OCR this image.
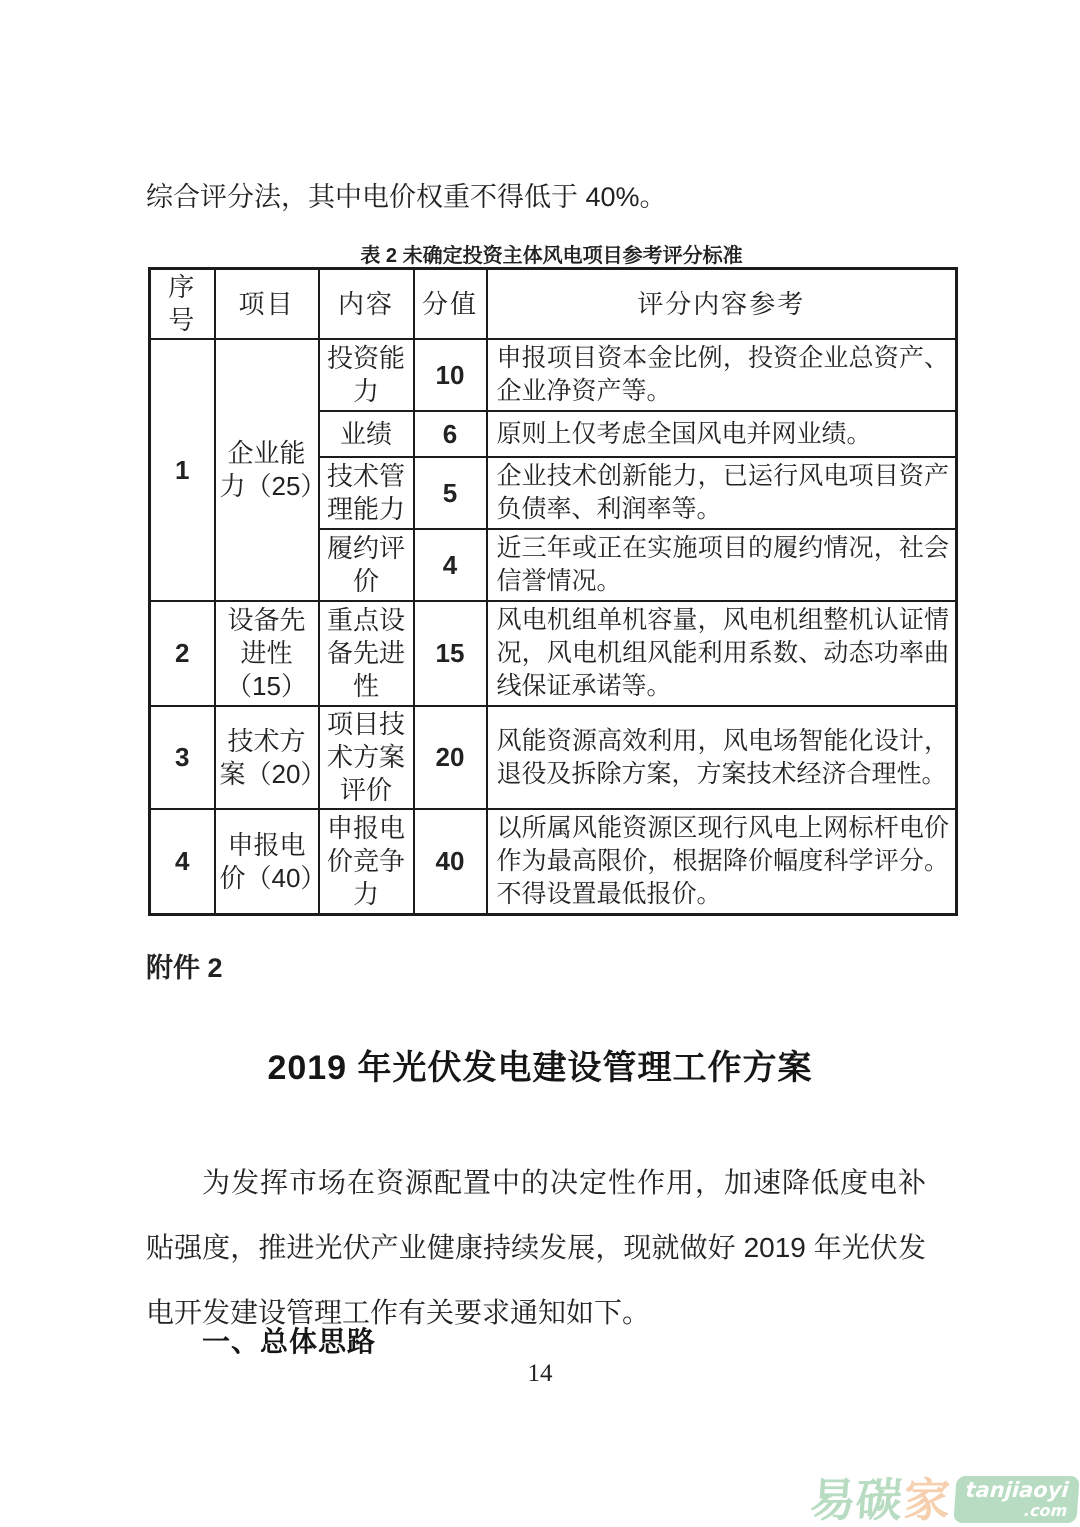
综合评分法，其中电价权重不得低于 40%。
表 2 未确定投资主体风电项目参考评分标准
序号	项目	内容	分值	评分内容参考
1	企业能力（25）	投资能力	10	申报项目资本金比例，投资企业总资产、企业净资产等。
		业绩	6	原则上仅考虑全国风电并网业绩。
		技术管理能力	5	企业技术创新能力，已运行风电项目资产负债率、利润率等。
		履约评价	4	近三年或正在实施项目的履约情况，社会信誉情况。
2	设备先进性（15）	重点设备先进性	15	风电机组单机容量，风电机组整机认证情况，风电机组风能利用系数、动态功率曲线保证承诺等。
3	技术方案（20）	项目技术方案评价	20	风能资源高效利用，风电场智能化设计，退役及拆除方案，方案技术经济合理性。
4	申报电价（40）	申报电价竞争力	40	以所属风能资源区现行风电上网标杆电价作为最高限价，根据降价幅度科学评分。不得设置最低报价。
附件 2
2019 年光伏发电建设管理工作方案
为发挥市场在资源配置中的决定性作用，加速降低度电补贴强度，推进光伏产业健康持续发展，现就做好 2019 年光伏发电开发建设管理工作有关要求通知如下。
一、总体思路
14
易碳
家 tanjiaoyi
.com
